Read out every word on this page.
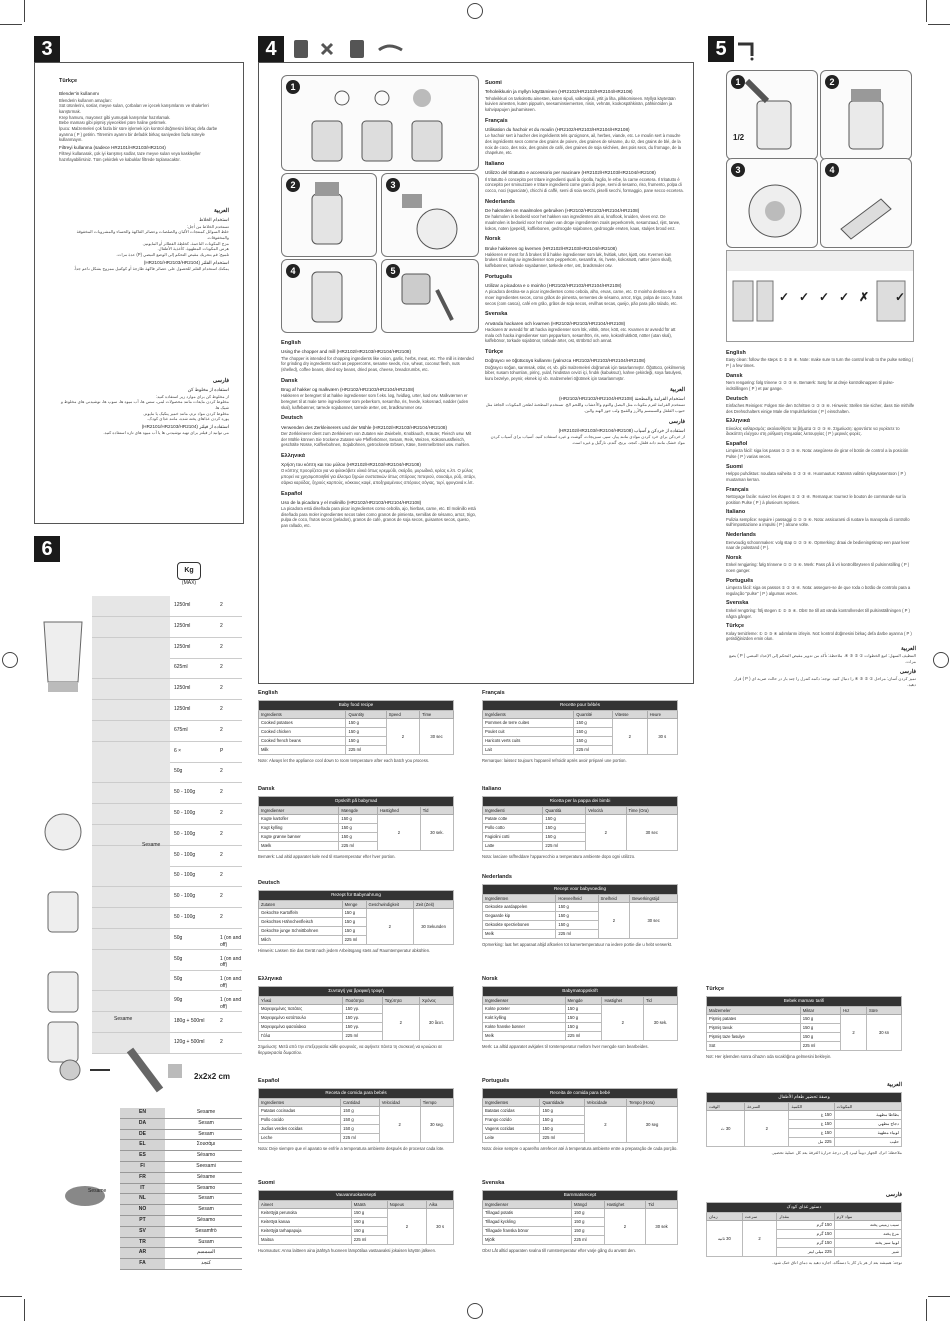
3
Türkçe
Blender'in kullanımı
Blenderin kullanım amaçları:
Süt ürünlerini, soslar, meyve suları, çorbaları ve içecek karışımlarını ve shake'leri karıştırmak.
Krep hamuru, mayonez gibi yumuşak karışımlar hazırlamak.
Bebe maması gibi pişmiş yiyecekleri püre haline getirmek.
İpucu: Malzemeleri çok fazla bir süre işlemek için kontrol düğmesini birkaç defa darbe ayarına ( P ) getirin. Titremim ayarını bir defadık birkaç saniyeden fazla süreyle kullanmayın.
Filtreyi kullanma (sadece HR2101/HR2103/HR2104)
Filtreyi kullanarak, çok iyi karışmış sodlar, taze meyve suları veya kaskleyller hazırlayabilirsiniz. Tüm çekirdek ve kabuklar filtrede toplanacaktır.
العربية
استخدام الخلاط
تستخدم الخلاط من أجل:
خلط السوائل كمنتجات الألبان والصلصات وعصائر الفاكهة والحساء والمشروبات المخفوقة والمخفوقات.
مزج المكونات الناعمة، كخلطة الفطائر أو المايونيز.
هرس المكونات المطهوة، كأغذية الأطفال.
تلميح: قم بتحريك مقبض التحكم إلى الوضع النبضي (P) عدة مرات.
استخدام الفلتر (HR2101/HR2103/HR2104)
يمكنك استخدام الفلتر للحصول على عصائر فاكهة طازجة أو كوكتيل ممزوج بشكل ناعم جداً.
فارسی
استفاده از مخلوط کن
از مخلوط کن برای موارد زیر استفاده کنید:
مخلوط کردن مایعات مانند محصولات لبنی، سس ها، آب میوه ها، سوپ ها، نوشیدنی های مخلوط و شیک ها.
مخلوط کردن مواد نرم، مانند خمیر پنکیک یا مایونز.
پوره کردن غذاهای پخته شده، مانند غذای کودک.
استفاده از فیلتر (HR2101/HR2103/HR2104)
می توانید از فیلتر برای تهیه نوشیدنی ها یا آب میوه های تازه استفاده کنید.
4
1
2	3
4	5
English
Using the chopper and mill (HR2102/HR2103/HR2104/HR2108)
The chopper is intended for chopping ingredients like onion, garlic, herbs, meat, etc. The mill is intended for grinding dry ingredients such as peppercorns, sesame seeds, rice, wheat, coconut flesh, nuts (shelled), coffee beans, dried soy beans, dried peas, cheese, breadcrumbs, etc.
Dansk
Brug af hakker og malkværn (HR2102/HR2103/HR2104/HR2108)
Hakkeren er beregnet til at hakke ingredienser som f.eks. løg, hvidløg, urter, kød osv. Malkværnen er beregnet til at male tørre ingredienser som peberkorn, sesamfrø, ris, hvede, kokosnød, nødder (uden skal), kaffebønner, tørrede sojabønner, tørrede ærter, ost, brødkrummer osv.
Deutsch
Verwenden des Zerkleinerers und der Mühle (HR2102/HR2103/HR2104/HR2108)
Der Zerkleinerer dient zum Zerkleinern von Zutaten wie Zwiebeln, Knoblauch, Kräuter, Fleisch usw. Mit der Mühle können Sie trockene Zutaten wie Pfefferkörner, Sesam, Reis, Weizen, Kokosnussfleisch, geschälte Nüsse, Kaffeebohnen, Sojabohnen, getrocknete Erbsen, Käse, Semmelbrösel usw. mahlen.
Ελληνικά
Χρήση του κόπτη και του μύλου (HR2102/HR2103/HR2104/HR2108)
Ο κόπτης προορίζεται για να ψιλοκόβετε υλικά όπως κρεμμύδι, σκόρδο, μυρωδικά, κρέας κ.λπ. Ο μύλος μπορεί να χρησιμοποιηθεί για άλεσμα ξηρών συστατικών όπως σπόρους πιπεριού, σουσάμι, ρύζι, σιτάρι, σάρκα καρύδας, ξηρούς καρπούς, κόκκους καφέ, αποξηραμένους σπόρους σόγιας, τυρί, φρυγανιά κ.λπ.
Español
Uso de la picadora y el molinillo (HR2102/HR2103/HR2104/HR2108)
La picadora está diseñada para picar ingredientes como cebolla, ajo, hierbas, carne, etc. El molinillo está diseñado para moler ingredientes secos tales como granos de pimienta, semillas de sésamo, arroz, trigo, pulpa de coco, frutos secos (pelados), granos de café, granos de soja secos, guisantes secos, queso, pan rallado, etc.
Suomi
Teholeikkurin ja myllyn käyttäminen (HR2102/HR2103/HR2104/HR2108)
Teholeikkuri on tarkoitettu ainesten, kuten sipuli, valkosipuli, yrtit ja liha, pilkkomiseen. Myllyä käytetään kuivien ainesten, kuten pippurin, seesaminsiementen, riisin, vehnän, kookospähkinän, pähkinöiden ja kahvipapujen jauhamiseen.
Français
Utilisation du hachoir et du moulin (HR2102/HR2103/HR2104/HR2108)
Le hachoir sert à hacher des ingrédients tels qu'oignons, ail, herbes, viande, etc. Le moulin sert à moudre des ingrédients secs comme des grains de poivre, des graines de sésame, du riz, des grains de blé, de la noix de coco, des noix, des grains de café, des graines de soja séchées, des pois secs, du fromage, de la chapelure, etc.
Italiano
Utilizzo del tritatutto e accessorio per macinare (HR2102/HR2103/HR2104/HR2108)
Il tritatutto è concepito per tritare ingredienti quali la cipolla, l'aglio, le erbe, la carne eccetera. Il tritatutto è concepito per sminuzzare e tritare ingredienti come grani di pepe, semi di sesamo, riso, frumento, polpa di cocco, noci (sgusciate), chicchi di caffè, semi di soia secchi, piselli secchi, formaggio, pane secco eccetera.
Nederlands
De hakmolen en maalmolen gebruiken (HR2102/HR2103/HR2104/HR2108)
De hakmolen is bedoeld voor het hakken van ingrediënten als ui, knoflook, kruiden, vlees enz. De maalmolen is bedoeld voor het malen van droge ingrediënten zoals peperkorrels, sesamzaad, rijst, tarwe, kokos, noten (gepeld), koffiebonen, gedroogde sojabonen, gedroogde erwten, kaas, stukjes brood enz.
Norsk
Bruke hakkeren og kvernen (HR2102/HR2103/HR2104/HR2108)
Hakkeren er ment for å brukes til å hakke ingredienser som løk, hvitløk, urter, kjøtt, osv. Kvernen kan brukes til maling av ingredienser som pepperkorn, sesamfrø, ris, hvete, kokosnøtt, nøtter (uten skall), kaffebønner, tørkede soyabønner, tørkede erter, ost, brødsmuler osv.
Português
Utilizar a picadora e o moinho (HR2102/HR2103/HR2104/HR2108)
A picadora destina-se a picar ingredientes como cebola, alho, ervas, carne, etc. O moinho destina-se a moer ingredientes secos, como grãos de pimenta, sementes de sésamo, arroz, trigo, polpa de coco, frutos secos (com casca), café em grão, grãos de soja secos, ervilhas secas, queijo, pão para pão ralado, etc.
Svenska
Använda hackaren och kvarnen (HR2102/HR2103/HR2104/HR2108)
Hackaren är avsedd för att hacka ingredienser som lök, vitlök, örter, kött, etc. Kvarnen är avsedd för att mala och hacka ingredienser som pepparkorn, sesamfrön, ris, vete, kokosfruktkött, nötter (utan skal), kaffebönor, torkade sojabönor, torkade ärter, ost, ströbröd och annat.
Türkçe
Doğrayıcı ve öğütücüyü kullanmı (yalnızca HR2102/HR2103/HR2104/HR2108)
Doğrayıcı soğan, sarımsak, otlar, et, vb. gibi malzemeleri doğramak için tasarlanmıştır. Öğütücü, çekilmemiş biber, susam tohumları, pirinç, yulaf, hindistan cevizi içi, fındık (kabuksuz), kahve çekirdeği, soya fasulyesi, kuru bezelye, peynir, ekmek içi vb. malzemeleri öğütmek için tasarlanmıştır.
العربية
استخدام الفرامة والمطحنة (HR2102/HR2103/HR2104/HR2108)
تستخدم الفرامة لفرم مكونات مثل البصل والثوم والأعشاب واللحم الخ. تستخدم المطحنة لطحن المكونات الجافة مثل حبوب الفلفل والسمسم والأرز والقمح ولب جوز الهند والبن.
فارسی
استفاده از خردکن و آسیاب (HR2102/HR2103/HR2104/HR2108)
از خردکن برای خرد کردن موادی مانند پیاز، سیر، سبزیجات، گوشت و غیره استفاده کنید. آسیاب برای آسیاب کردن مواد خشک مانند دانه فلفل، کنجد، برنج، گندم، نارگیل و غیره است.
5
1
1/2
2
3	4
✓ ✓ ✓ ✓ ✗ ✓
English
Easy clean: follow the steps ① ② ③ ④. Note: make sure to turn the control knob to the pulse setting ( P ) a few times.
Dansk
Nem rengøring: følg trinene ① ② ③ ④. Bemærk: Sørg for at dreje kontrolknappen til pulse-indstillingen ( P ) et par gange.
Deutsch
Einfaches Reinigen: Folgen Sie den Schritten ① ② ③ ④. Hinweis: Stellen Sie sicher, dass Sie mithilfe des Drehschalters einige Male die Impulsfunktion ( P ) einschalten.
Ελληνικά
Εύκολος καθαρισμός: ακολουθήστε τα βήματα ① ② ③ ④. Σημείωση: φροντίστε να γυρίσετε το διακόπτη ελέγχου στη ρύθμιση στιγμιαίας λειτουργίας ( P ) μερικές φορές.
Español
Limpieza fácil: siga los pasos ① ② ③ ④. Nota: asegúrese de girar el botón de control a la posición Pulse ( P ) varias veces.
Suomi
Helppo puhdistus: noudata vaiheita ① ② ③ ④. Huomautus: Käännä valitsin sykäysasentoon ( P ) muutaman kerran.
Français
Nettoyage facile: suivez les étapes ① ② ③ ④. Remarque: tournez le bouton de commande sur la position Pulse ( P ) à plusieurs reprises.
Italiano
Pulizia semplice: seguire i passaggi ① ② ③ ④. Nota: assicurarsi di ruotare la manopola di controllo sull'impostazione a impulsi ( P ) alcune volte.
Nederlands
Eenvoudig schoonmaken: volg stap ① ② ③ ④. Opmerking: draai de bedieningsknop een paar keer naar de pulsstand ( P ).
Norsk
Enkel rengjøring: følg trinnene ① ② ③ ④. Merk: Pass på å vri kontrollbryteren til pulsinnstilling ( P ) noen ganger.
Português
Limpeza fácil: siga os passos ① ② ③ ④. Nota: assegure-se de que roda o botão de controlo para a regulação "pulse" ( P ) algumas vezes.
Svenska
Enkel rengöring: följ stegen ① ② ③ ④. Obs! Se till att vända kontrollvredet till pulsinställningen ( P ) några gånger.
Türkçe
Kolay temizleme: ① ② ③ ④ adımlarını izleyin. Not: kontrol düğmesini birkaç defa darbe ayarına ( P ) getirdiğinizden emin olun.
العربية
التنظيف السهل: اتبع الخطوات ① ② ③ ④. ملاحظة: تأكد من تدوير مقبض التحكم إلى الإعداد النبضي ( P ) بضع مرات.
فارسی
تمیز کردن آسان: مراحل ① ② ③ ④ را دنبال کنید. توجه: دکمه کنترل را چند بار در حالت ضربه ای ( P ) قرار دهید.
6
Kg
(MAX)
1250ml	2
1250ml	2
1250ml	2
625ml	2
1250ml	2
1250ml	2
675ml	2
6 ×	P
50g	2
50 - 100g	2
50 - 100g	2
50 - 100g	2
50 - 100g	2
50 - 100g	2
50 - 100g	2
50 - 100g	2
50g	1 (on and off)
50g	1 (on and off)
50g	1 (on and off)
90g	1 (on and off)
180g + 500ml	2
120g + 500ml	2
Sesame
Sesame
2x2x2 cm
Sesame
EN	Sesame
DA	Sesam
DE	Sesam
EL	Σουσάμι
ES	Sésamo
FI	Seesami
FR	Sésame
IT	Sesamo
NL	Sesam
NO	Sesam
PT	Sésamo
SV	Sesamfrö
TR	Susam
AR	السمسم
FA	کنجد
English
Baby food recipe			
Ingredients	Quantity	Speed	Time
Cooked potatoes	150 g	2	30 sec
Cooked chicken	150 g		
Cooked french beans	150 g		
Milk	225 ml		
Note: Always let the appliance cool down to room temperature after each batch you process.
Dansk
Opskrift på babymad			
Ingredienser	Mængde	Hastighed	Tid
Kogte kartofler	150 g	2	30 sek.
Kogt kylling	150 g		
Kogte grønne bønner	150 g		
Mælk	225 ml		
Bemærk: Lad altid apparatet køle ned til stuetemperatur efter hver portion.
Deutsch
Rezept für Babynahrung			
Zutaten	Menge	Geschwindigkeit	Zeit (Zeit)
Gekochte Kartoffeln	150 g	2	30 Sekunden
Gekochtes Hähnchenfleisch	150 g		
Gekochte junge Schnittbohnen	150 g		
Milch	225 ml		
Hinweis: Lassen Sie das Gerät nach jedem Arbeitsgang stets auf Raumtemperatur abkühlen.
Ελληνικά
Συνταγή για βρεφική τροφή			
Υλικά	Ποσότητα	Ταχύτητα	Χρόνος
Μαγειρεμένες πατάτες	150 γρ.	2	30 δευτ.
Μαγειρεμένο κοτόπουλο	150 γρ.		
Μαγειρεμένα φασολάκια	150 γρ.		
Γάλα	225 ml		
Σημείωση: Μετά από την επεξεργασία κάθε φουρνιάς, να αφήνετε πάντα τη συσκευή να κρυώσει σε θερμοκρασία δωματίου.
Español
Receta de comida para bebés			
Ingredientes	Cantidad	Velocidad	Tiempo
Patatas cocinadas	150 g	2	30 seg.
Pollo cocido	150 g		
Judías verdes cocidas	150 g		
Leche	225 ml		
Nota: Deje siempre que el aparato se enfríe a temperatura ambiente después de procesar cada lote.
Suomi
Vauvanruokaresepti			
Aineet	Määrä	Nopeus	Aika
Keitettyjä perunoita	150 g	2	30 s
Keitettyä kanaa	150 g		
Keitettyjä tarhapapuja	150 g		
Maitoa	225 ml		
Huomautus: Anna laitteen aina jäähtyä huoneen lämpötilaa vastaavaksi jokaisen käytön jälkeen.
Français
Recette pour bébés			
Ingrédients	Quantité	Vitesse	Heure
Pommes de terre cuites	150 g	2	30 s
Poulet cuit	150 g		
Haricots verts cuits	150 g		
Lait	225 ml		
Remarque: laissez toujours l'appareil refroidir après avoir préparé une portion.
Italiano
Ricetta per la pappa dei bimbi			
Ingredienti	Quantità	Velocità	Time (Ora)
Patate cotte	150 g	2	30 sec
Pollo cotto	150 g		
Fagiolini cotti	150 g		
Latte	225 ml		
Nota: lasciare raffreddare l'apparecchio a temperatura ambiente dopo ogni utilizzo.
Nederlands
Recept voor babyvoeding			
Ingrediënten	Hoeveelheid	Snelheid	Bewerkingstijd
Gekookte aardappelen	150 g	2	30 sec
Gegaarde kip	150 g		
Gekookte sperziebonen	150 g		
Melk	225 ml		
Opmerking: laat het apparaat altijd afkoelen tot kamertemperatuur na iedere portie die u hebt verwerkt.
Norsk
Babymatoppskrift			
Ingredienser	Mengde	Hastighet	Tid
Kokte poteter	150 g	2	30 sek.
Kokt kylling	150 g		
Kokte franske bønner	150 g		
Melk	225 ml		
Merk: La alltid apparatet avkjøles til romtemperatur mellom hver mengde som bearbeides.
Português
Receita de comida para bebé			
Ingredientes	Quantidade	Velocidade	Tempo (Hora)
Batatas cozidas	150 g	2	30 seg
Frango cozido	150 g		
Vagens cozidas	150 g		
Leite	225 ml		
Nota: deixe sempre o aparelho arrefecer até à temperatura ambiente entre a preparação de cada porção.
Svenska
Barnmatsrecept			
Ingredienser	Mängd	Hastighet	Tid
Tillagad potatis	150 g	2	30 sek
Tillagad kyckling	150 g		
Tillagade franska bönor	150 g		
Mjölk	225 ml		
Obs! Låt alltid apparaten svalna till rumstemperatur efter varje gång du använt den.
Türkçe
Bebek maması tarifi			
Malzemeler	Miktar	Hız	Süre
Pişmiş patates	150 g	2	30 sn
Pişmiş tavuk	150 g		
Pişmiş taze fasulye	150 g		
Süt	225 ml		
Not: Her işlemden sonra cihazın oda sıcaklığına gelmesini bekleyin.
العربية
وصفة تحضير طعام الأطفال			
المكونات	الكمية	السرعة	الوقت
بطاطا مطهية	150 غ	2	30 ث
دجاج مطهي	150 غ		
لوبياء مطهية	150 غ		
حليب	225 مل		
ملاحظة: اترك الجهاز دوماً ليبرد إلى درجة حرارة الغرفة بعد كل عملية تحضير.
فارسی
دستور غذای کودک			
مواد لازم	مقدار	سرعت	زمان
سیب زمینی پخته	150 گرم	2	30 ثانیه
مرغ پخته	150 گرم		
لوبیا سبز پخته	150 گرم		
شیر	225 میلی لیتر		
توجه: همیشه بعد از هر بار کار با دستگاه، اجازه دهید به دمای اتاق خنک شود.
